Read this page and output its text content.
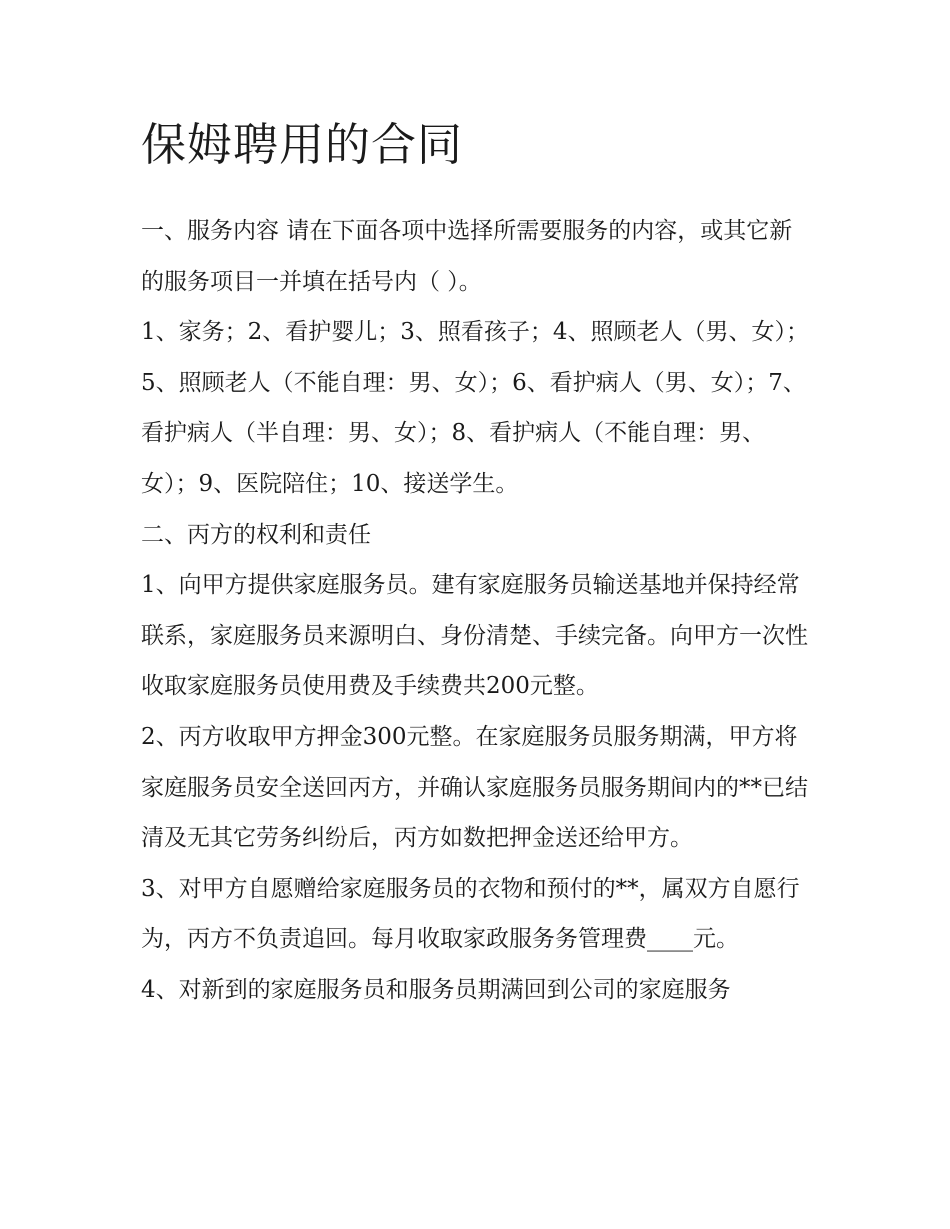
保姆聘用的合同

一、服务内容 请在下面各项中选择所需要服务的内容，或其它新的服务项目一并填在括号内（ ）。

1、家务；2、看护婴儿；3、照看孩子；4、照顾老人（男、女）；5、照顾老人（不能自理：男、女）；6、看护病人（男、女）；7、看护病人（半自理：男、女）；8、看护病人（不能自理：男、女）；9、医院陪住；10、接送学生。

二、丙方的权利和责任

1、向甲方提供家庭服务员。建有家庭服务员输送基地并保持经常联系，家庭服务员来源明白、身份清楚、手续完备。向甲方一次性收取家庭服务员使用费及手续费共200元整。

2、丙方收取甲方押金300元整。在家庭服务员服务期满，甲方将家庭服务员安全送回丙方，并确认家庭服务员服务期间内的**已结清及无其它劳务纠纷后，丙方如数把押金送还给甲方。

3、对甲方自愿赠给家庭服务员的衣物和预付的**，属双方自愿行为，丙方不负责追回。每月收取家政服务务管理费____元。

4、对新到的家庭服务员和服务员期满回到公司的家庭服务
